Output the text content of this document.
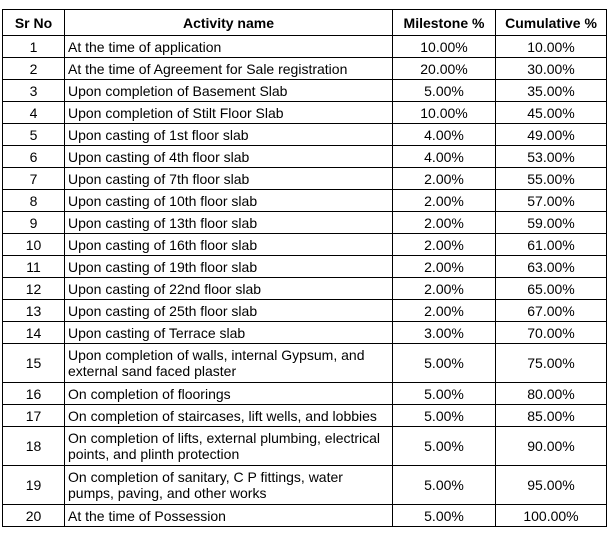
Sr No	Activity name	Milestone %	Cumulative %
1	At the time of application	10.00%	10.00%
2	At the time of Agreement for Sale registration	20.00%	30.00%
3	Upon completion of Basement Slab	5.00%	35.00%
4	Upon completion of Stilt Floor Slab	10.00%	45.00%
5	Upon casting of 1st floor slab	4.00%	49.00%
6	Upon casting of 4th floor slab	4.00%	53.00%
7	Upon casting of 7th floor slab	2.00%	55.00%
8	Upon casting of 10th floor slab	2.00%	57.00%
9	Upon casting of 13th floor slab	2.00%	59.00%
10	Upon casting of 16th floor slab	2.00%	61.00%
11	Upon casting of 19th floor slab	2.00%	63.00%
12	Upon casting of 22nd floor slab	2.00%	65.00%
13	Upon casting of 25th floor slab	2.00%	67.00%
14	Upon casting of Terrace slab	3.00%	70.00%
15	Upon completion of walls, internal Gypsum, and external sand faced plaster	5.00%	75.00%
16	On completion of floorings	5.00%	80.00%
17	On completion of staircases, lift wells, and lobbies	5.00%	85.00%
18	On completion of lifts, external plumbing, electrical points, and plinth protection	5.00%	90.00%
19	On completion of sanitary, C P fittings, water pumps, paving, and other works	5.00%	95.00%
20	At the time of Possession	5.00%	100.00%
